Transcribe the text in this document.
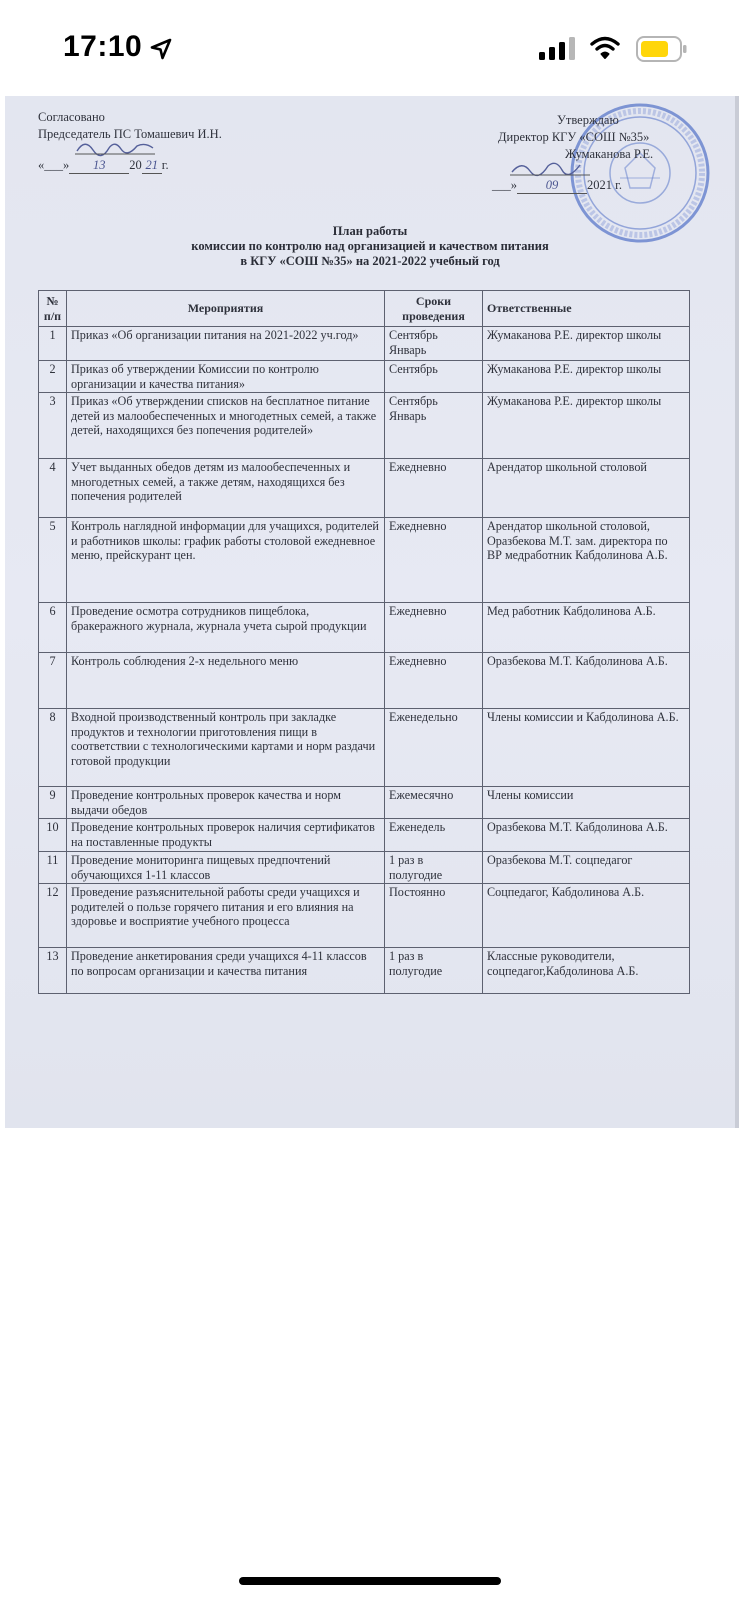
17:10
Согласовано
Председатель ПС Томашевич И.Н.
«___» 13 20 21 г.
Утверждаю
Директор КГУ «СОШ №35»
Жумаканова Р.Е.
___» 09 2021 г.
План работы
комиссии по контролю над организацией и качеством питания
в КГУ «СОШ №35» на 2021-2022 учебный год
№ п/п	Мероприятия	Сроки проведения	Ответственные
1	Приказ «Об организации питания на 2021-2022 уч.год»	Сентябрь Январь	Жумаканова Р.Е. директор школы
2	Приказ об утверждении Комиссии по контролю организации и качества питания»	Сентябрь	Жумаканова Р.Е. директор школы
3	Приказ «Об утверждении списков на бесплатное питание детей из малообеспеченных и многодетных семей, а также детей, находящихся без попечения родителей»	Сентябрь Январь	Жумаканова Р.Е. директор школы
4	Учет выданных обедов детям из малообеспеченных и многодетных семей, а также детям, находящихся без попечения родителей	Ежедневно	Арендатор школьной столовой
5	Контроль наглядной информации для учащихся, родителей и работников школы: график работы столовой ежедневное меню, прейскурант цен.	Ежедневно	Арендатор школьной столовой, Оразбекова М.Т. зам. директора по ВР медработник Кабдолинова А.Б.
6	Проведение осмотра сотрудников пищеблока, бракеражного журнала, журнала учета сырой продукции	Ежедневно	Мед работник Кабдолинова А.Б.
7	Контроль соблюдения 2-х недельного меню	Ежедневно	Оразбекова М.Т. Кабдолинова А.Б.
8	Входной производственный контроль при закладке продуктов и технологии приготовления пищи в соответствии с технологическими картами и норм раздачи готовой продукции	Еженедельно	Члены комиссии и Кабдолинова А.Б.
9	Проведение контрольных проверок качества и норм выдачи обедов	Ежемесячно	Члены комиссии
10	Проведение контрольных проверок наличия сертификатов на поставленные продукты	Еженедель	Оразбекова М.Т. Кабдолинова А.Б.
11	Проведение мониторинга пищевых предпочтений обучающихся 1-11 классов	1 раз в полугодие	Оразбекова М.Т. соцпедагог
12	Проведение разъяснительной работы среди учащихся и родителей о пользе горячего питания и его влияния на здоровье и восприятие учебного процесса	Постоянно	Соцпедагог, Кабдолинова А.Б.
13	Проведение анкетирования среди учащихся 4-11 классов по вопросам организации и качества питания	1 раз в полугодие	Классные руководители, соцпедагог,Кабдолинова А.Б.
